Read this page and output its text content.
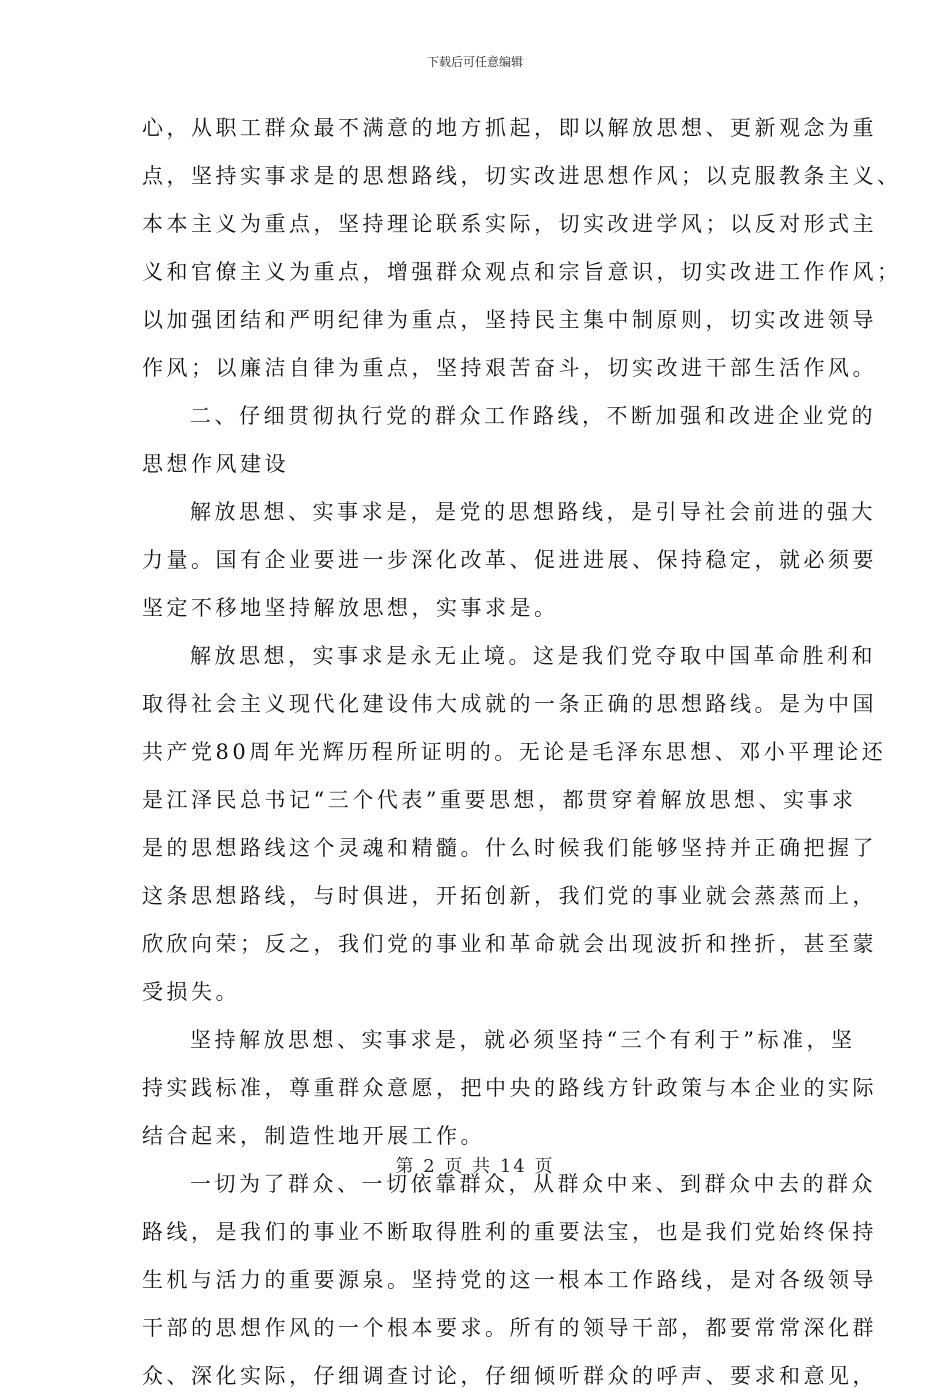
下载后可任意编辑
心，从职工群众最不满意的地方抓起，即以解放思想、更新观念为重
点，坚持实事求是的思想路线，切实改进思想作风；以克服教条主义、
本本主义为重点，坚持理论联系实际，切实改进学风；以反对形式主
义和官僚主义为重点，增强群众观点和宗旨意识，切实改进工作作风；
以加强团结和严明纪律为重点，坚持民主集中制原则，切实改进领导
作风；以廉洁自律为重点，坚持艰苦奋斗，切实改进干部生活作风。
二、仔细贯彻执行党的群众工作路线，不断加强和改进企业党的
思想作风建设
解放思想、实事求是，是党的思想路线，是引导社会前进的强大
力量。国有企业要进一步深化改革、促进进展、保持稳定，就必须要
坚定不移地坚持解放思想，实事求是。
解放思想，实事求是永无止境。这是我们党夺取中国革命胜利和
取得社会主义现代化建设伟大成就的一条正确的思想路线。是为中国
共产党80周年光辉历程所证明的。无论是毛泽东思想、邓小平理论还
是江泽民总书记“三个代表”重要思想，都贯穿着解放思想、实事求
是的思想路线这个灵魂和精髓。什么时候我们能够坚持并正确把握了
这条思想路线，与时俱进，开拓创新，我们党的事业就会蒸蒸而上，
欣欣向荣；反之，我们党的事业和革命就会出现波折和挫折，甚至蒙
受损失。
坚持解放思想、实事求是，就必须坚持“三个有利于”标准，坚
持实践标准，尊重群众意愿，把中央的路线方针政策与本企业的实际
结合起来，制造性地开展工作。
一切为了群众、一切依靠群众，从群众中来、到群众中去的群众
路线，是我们的事业不断取得胜利的重要法宝，也是我们党始终保持
生机与活力的重要源泉。坚持党的这一根本工作路线，是对各级领导
干部的思想作风的一个根本要求。所有的领导干部，都要常常深化群
众、深化实际，仔细调查讨论，仔细倾听群众的呼声、要求和意见，
第 2 页 共 14 页
